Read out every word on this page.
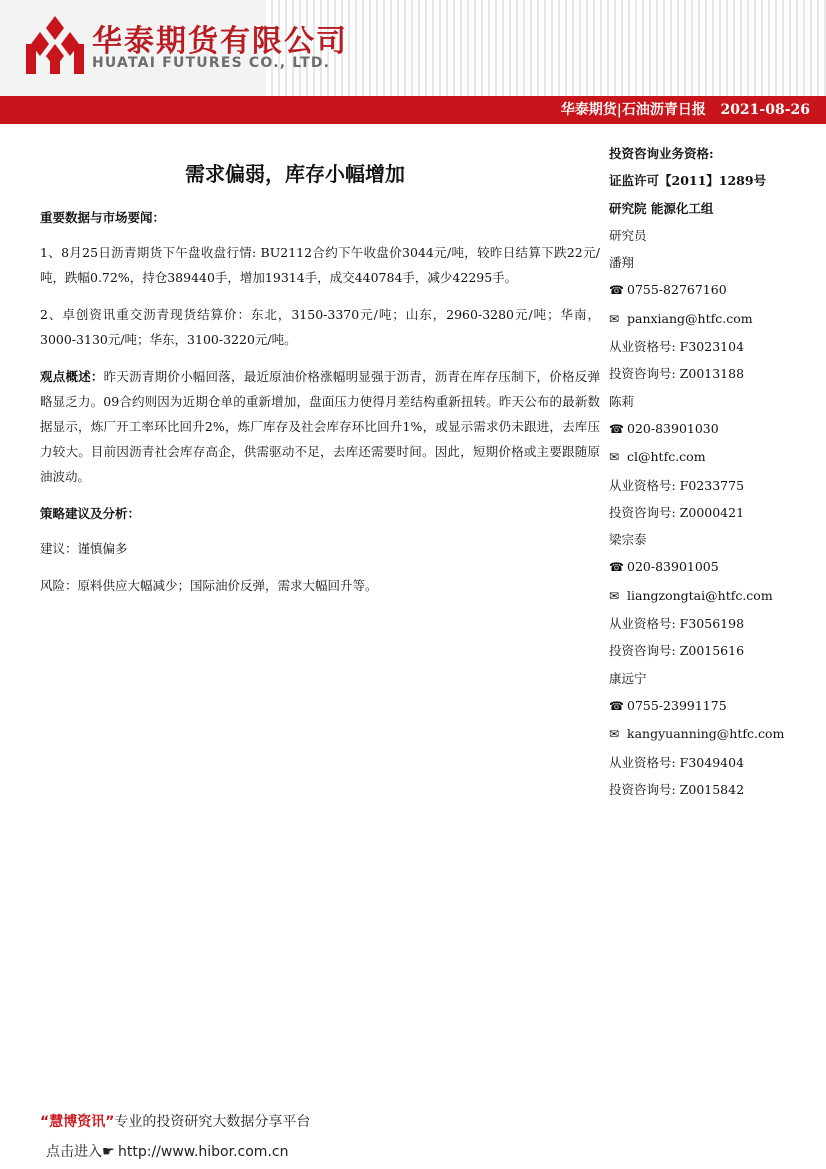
华泰期货有限公司
HUATAI FUTURES CO., LTD.
华泰期货|石油沥青日报   2021-08-26
需求偏弱，库存小幅增加
重要数据与市场要闻：
1、8月25日沥青期货下午盘收盘行情: BU2112合约下午收盘价3044元/吨，较昨日结算下跌22元/吨，跌幅0.72%，持仓389440手，增加19314手，成交440784手，减少42295手。
2、卓创资讯重交沥青现货结算价：东北，3150-3370元/吨；山东，2960-3280元/吨；华南，3000-3130元/吨；华东，3100-3220元/吨。
观点概述：昨天沥青期价小幅回落，最近原油价格涨幅明显强于沥青，沥青在库存压制下，价格反弹略显乏力。09合约则因为近期仓单的重新增加，盘面压力使得月差结构重新扭转。昨天公布的最新数据显示，炼厂开工率环比回升2%，炼厂库存及社会库存环比回升1%，或显示需求仍未跟进，去库压力较大。目前因沥青社会库存高企，供需驱动不足，去库还需要时间。因此，短期价格或主要跟随原油波动。
策略建议及分析：
建议：谨慎偏多
风险：原料供应大幅减少；国际油价反弹，需求大幅回升等。
投资咨询业务资格:
证监许可【2011】1289号
研究院 能源化工组
研究员
潘翔
☎ 0755-82767160
✉ panxiang@htfc.com
从业资格号: F3023104
投资咨询号: Z0013188
陈莉
☎ 020-83901030
✉ cl@htfc.com
从业资格号: F0233775
投资咨询号: Z0000421
梁宗泰
☎ 020-83901005
✉ liangzongtai@htfc.com
从业资格号: F3056198
投资咨询号: Z0015616
康远宁
☎ 0755-23991175
✉ kangyuanning@htfc.com
从业资格号: F3049404
投资咨询号: Z0015842
“慧博资讯”专业的投资研究大数据分享平台
点击进入☛ http://www.hibor.com.cn
